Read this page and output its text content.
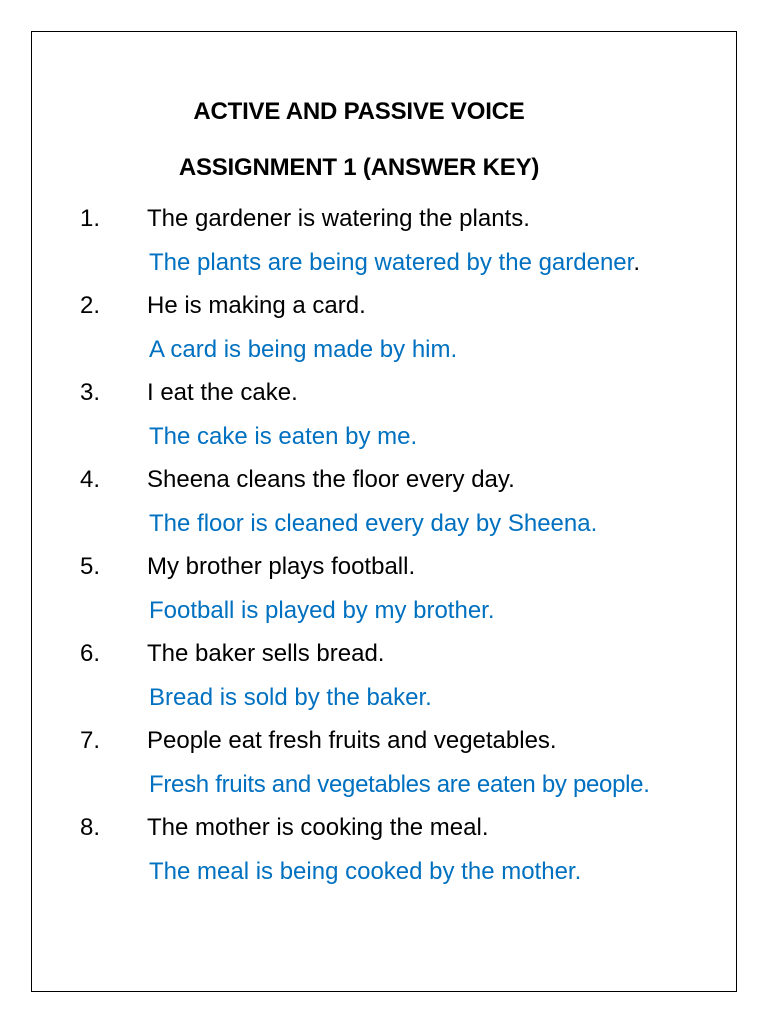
ACTIVE AND PASSIVE VOICE
ASSIGNMENT 1 (ANSWER KEY)
1. The gardener is watering the plants.
The plants are being watered by the gardener.
2. He is making a card.
A card is being made by him.
3. I eat the cake.
The cake is eaten by me.
4. Sheena cleans the floor every day.
The floor is cleaned every day by Sheena.
5. My brother plays football.
Football is played by my brother.
6. The baker sells bread.
Bread is sold by the baker.
7. People eat fresh fruits and vegetables.
Fresh fruits and vegetables are eaten by people.
8. The mother is cooking the meal.
The meal is being cooked by the mother.
